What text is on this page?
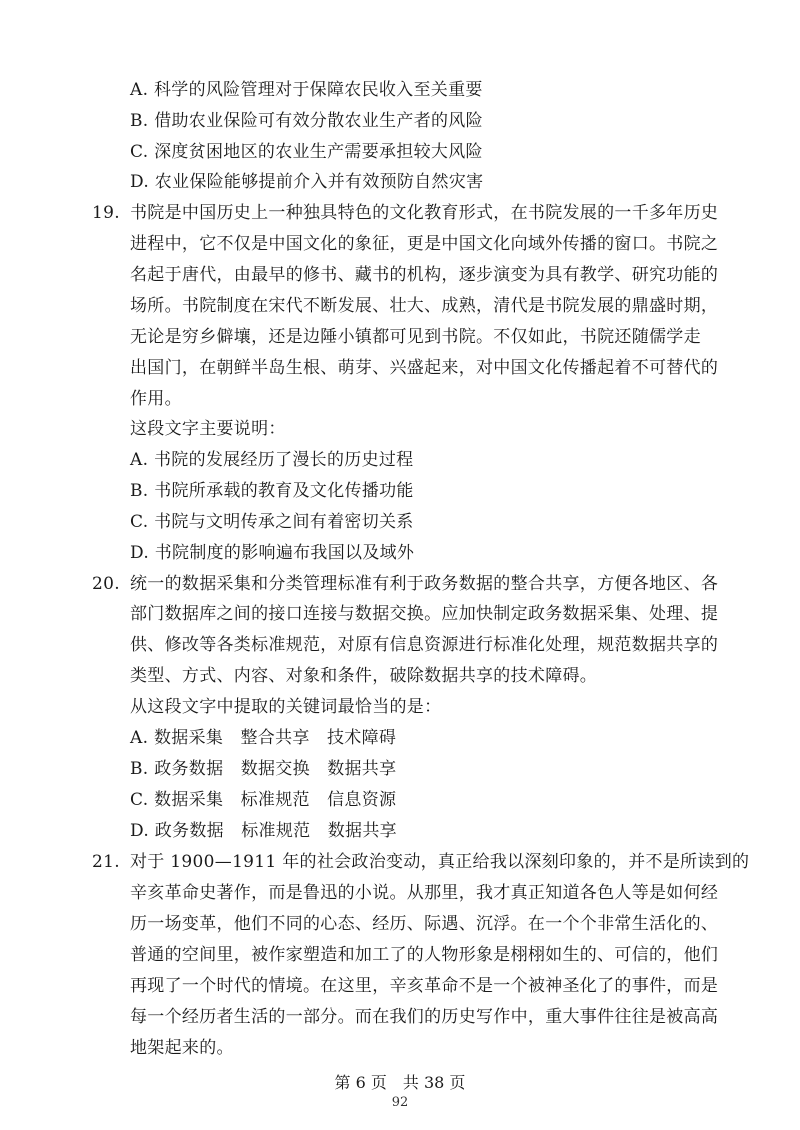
A. 科学的风险管理对于保障农民收入至关重要
B. 借助农业保险可有效分散农业生产者的风险
C. 深度贫困地区的农业生产需要承担较大风险
D. 农业保险能够提前介入并有效预防自然灾害
19. 书院是中国历史上一种独具特色的文化教育形式，在书院发展的一千多年历史
进程中，它不仅是中国文化的象征，更是中国文化向域外传播的窗口。书院之
名起于唐代，由最早的修书、藏书的机构，逐步演变为具有教学、研究功能的
场所。书院制度在宋代不断发展、壮大、成熟，清代是书院发展的鼎盛时期，
无论是穷乡僻壤，还是边陲小镇都可见到书院。不仅如此，书院还随儒学走
出国门，在朝鲜半岛生根、萌芽、兴盛起来，对中国文化传播起着不可替代的
作用。
这段文字主要说明：
A. 书院的发展经历了漫长的历史过程
B. 书院所承载的教育及文化传播功能
C. 书院与文明传承之间有着密切关系
D. 书院制度的影响遍布我国以及域外
20. 统一的数据采集和分类管理标准有利于政务数据的整合共享，方便各地区、各
部门数据库之间的接口连接与数据交换。应加快制定政务数据采集、处理、提
供、修改等各类标准规范，对原有信息资源进行标准化处理，规范数据共享的
类型、方式、内容、对象和条件，破除数据共享的技术障碍。
从这段文字中提取的关键词最恰当的是：
A. 数据采集　整合共享　技术障碍
B. 政务数据　数据交换　数据共享
C. 数据采集　标准规范　信息资源
D. 政务数据　标准规范　数据共享
21. 对于 1900—1911 年的社会政治变动，真正给我以深刻印象的，并不是所读到的
辛亥革命史著作，而是鲁迅的小说。从那里，我才真正知道各色人等是如何经
历一场变革，他们不同的心态、经历、际遇、沉浮。在一个个非常生活化的、
普通的空间里，被作家塑造和加工了的人物形象是栩栩如生的、可信的，他们
再现了一个时代的情境。在这里，辛亥革命不是一个被神圣化了的事件，而是
每一个经历者生活的一部分。而在我们的历史写作中，重大事件往往是被高高
地架起来的。
第 6 页　共 38 页
92
